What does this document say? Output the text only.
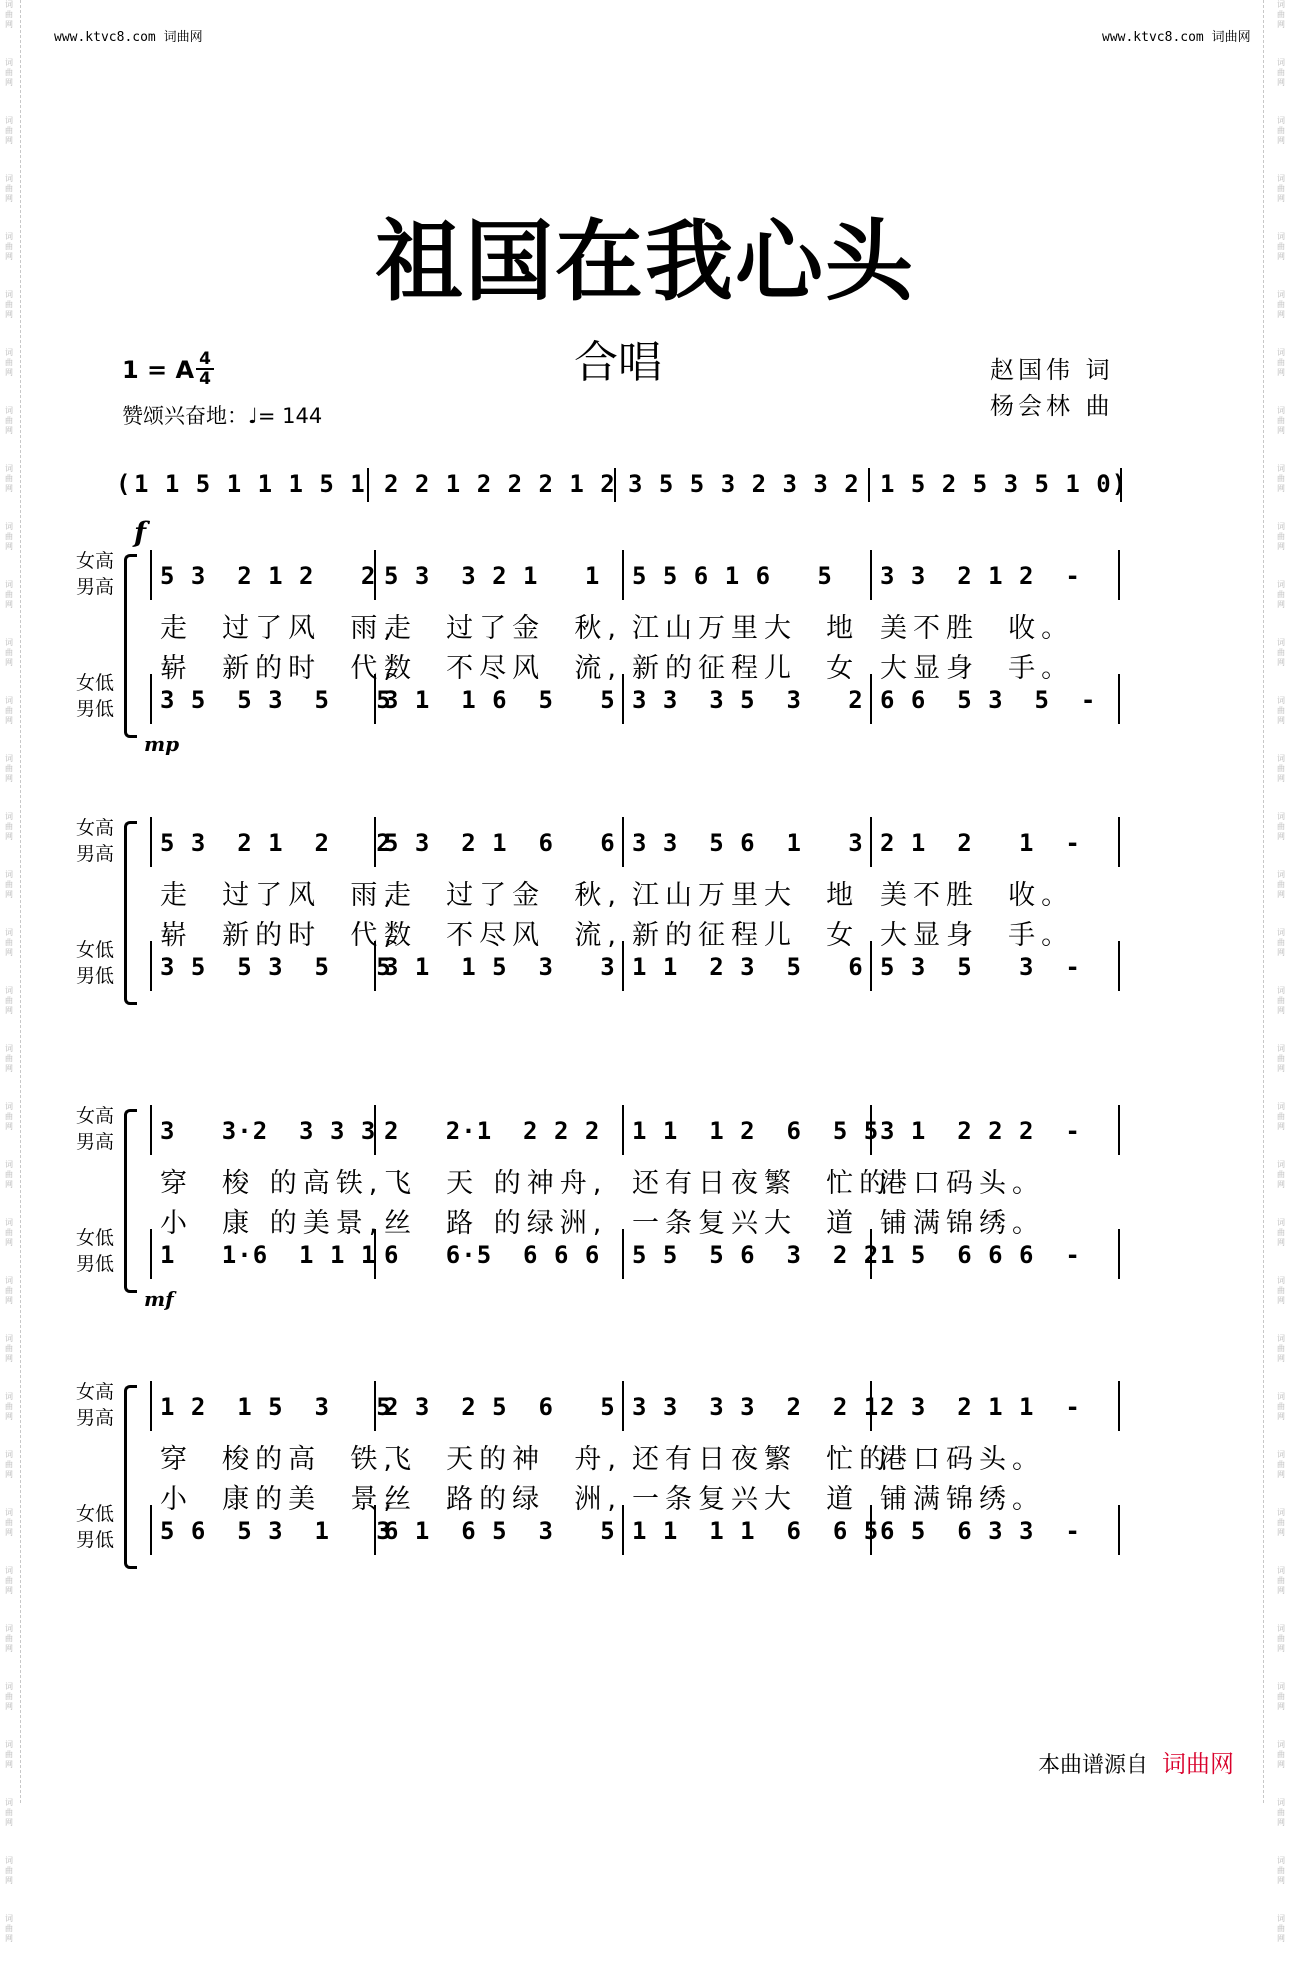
词
曲
网
词
曲
网
词
曲
网
词
曲
网
词
曲
网
词
曲
网
词
曲
网
词
曲
网
词
曲
网
词
曲
网
词
曲
网
词
曲
网
词
曲
网
词
曲
网
词
曲
网
词
曲
网
词
曲
网
词
曲
网
词
曲
网
词
曲
网
词
曲
网
词
曲
网
词
曲
网
词
曲
网
词
曲
网
词
曲
网
词
曲
网
词
曲
网
词
曲
网
词
曲
网
词
曲
网
词
曲
网
词
曲
网
词
曲
网
词
曲
网
词
曲
网
词
曲
网
词
曲
网
词
曲
网
词
曲
网
词
曲
网
词
曲
网
词
曲
网
词
曲
网
词
曲
网
词
曲
网
词
曲
网
词
曲
网
词
曲
网
词
曲
网
词
曲
网
词
曲
网
词
曲
网
词
曲
网
词
曲
网
词
曲
网
词
曲
网
词
曲
网
词
曲
网
词
曲
网
词
曲
网
词
曲
网
词
曲
网
词
曲
网
词
曲
网
词
曲
网
词
曲
网
词
曲
网
www.ktvc8.com 词曲网	www.ktvc8.com 词曲网
祖国在我心头
合唱
1 = A 4
4
赞颂兴奋地：♩= 144
赵国伟 词
杨会林 曲
( 1 1 5 1 1 1 5 1 2 2 1 2 2 2 1 2 3 5 5 3 2 3 3 2 1 5 2 5 3 5 1 0)
女高
男高
女低
男低
f
mp
5 3  2 1 2   2 5 3  3 2 1   1 5 5 6 1 6   5 3 3  2 1 2  -
走  过了风  雨,
走  过了金  秋, 江山万里大  地 美不胜  收。
崭  新的时  代,
数  不尽风  流, 新的征程儿  女 大显身  手。
3 5  5 3  5   5
3 1  1 6  5   5 3 3  3 5  3   2 6 6  5 3  5  -
女高
男高
女低
男低
5 3  2 1  2   2
5 3  2 1  6   6 3 3  5 6  1   3 2 1  2   1  -
走  过了风  雨,
走  过了金  秋, 江山万里大  地 美不胜  收。
崭  新的时  代,
数  不尽风  流, 新的征程儿  女 大显身  手。
3 5  5 3  5   5
3 1  1 5  3   3 1 1  2 3  5   6 5 3  5   3  -
女高
男高
女低
男低
mf
3   3·2  3 3 3 2   2·1  2 2 2 1 1  1 2  6  5 5 3 1  2 2 2  -
穿  梭 的高铁, 飞  天 的神舟, 还有日夜繁  忙的
港口码头。
小  康 的美景, 丝  路 的绿洲, 一条复兴大  道 铺满锦绣。
1   1·6  1 1 1 6   6·5  6 6 6 5 5  5 6  3  2 2 1 5  6 6 6  -
女高
男高
女低
男低
1 2  1 5  3   5
2 3  2 5  6   5 3 3  3 3  2  2 1 2 3  2 1 1  -
穿  梭的高  铁,
飞  天的神  舟, 还有日夜繁  忙的
港口码头。
小  康的美  景,
丝  路的绿  洲, 一条复兴大  道 铺满锦绣。
5 6  5 3  1   3
6 1  6 5  3   5 1 1  1 1  6  6 5 6 5  6 3 3  -
本曲谱源自 词曲网
